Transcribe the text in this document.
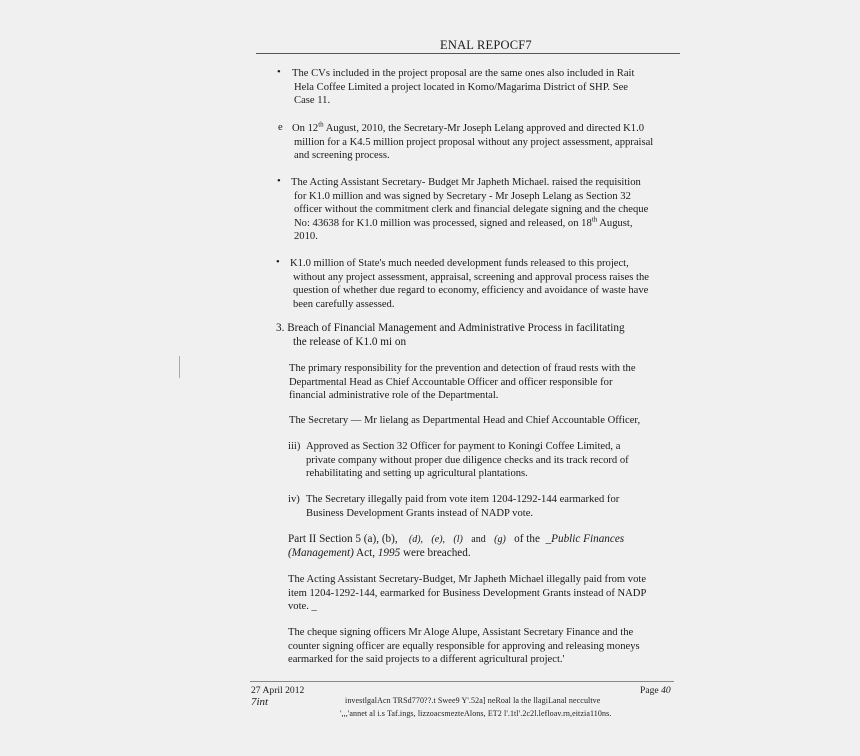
ENAL REPOCF7
• The CVs included in the project proposal are the same ones also included in Rait
Hela Coffee Limited a project located in Komo/Magarima District of SHP. See
Case 11.
e On 12th August, 2010, the Secretary-Mr Joseph Lelang approved and directed K1.0
million for a K4.5 million project proposal without any project assessment, appraisal
and screening process.
• The Acting Assistant Secretary- Budget Mr Japheth Michael. raised the requisition
for K1.0 million and was signed by Secretary - Mr Joseph Lelang as Section 32
officer without the commitment clerk and financial delegate signing and the cheque
No: 43638 for K1.0 million was processed, signed and released, on 18th August,
2010.
• K1.0 million of State's much needed development funds released to this project,
without any project assessment, appraisal, screening and approval process raises the
question of whether due regard to economy, efficiency and avoidance of waste have
been carefully assessed.
3. Breach of Financial Management and Administrative Process in facilitating
the release of K1.0 mi on
The primary responsibility for the prevention and detection of fraud rests with the
Departmental Head as Chief Accountable Officer and officer responsible for
financial administrative role of the Departmental.
The Secretary — Mr lielang as Departmental Head and Chief Accountable Officer,
iii) Approved as Section 32 Officer for payment to Koningi Coffee Limited, a
private company without proper due diligence checks and its track record of
rehabilitating and setting up agricultural plantations.
iv) The Secretary illegally paid from vote item 1204-1292-144 earmarked for
Business Development Grants instead of NADP vote.
Part II Section 5 (a), (b), (d), (e), (l) and (g) of the _Public Finances
(Management) Act, 1995 were breached.
The Acting Assistant Secretary-Budget, Mr Japheth Michael illegally paid from vote
item 1204-1292-144, earmarked for Business Development Grants instead of NADP
vote. _
The cheque signing officers Mr Aloge Alupe, Assistant Secretary Finance and the
counter signing officer are equally responsible for approving and releasing moneys
earmarked for the said projects to a different agricultural project.'
27 April 2012
7int
Page 40
investlgalAcn TRSd770??.t Swee9 Y'.52a] neRoal la the llagiLanal neccultve
',,,'annet al i.s Taf.ings, lizzoacsmezteAlons, ET2 l'.1tl'.2c2l.lefloav.rn,eitzia110ns.
